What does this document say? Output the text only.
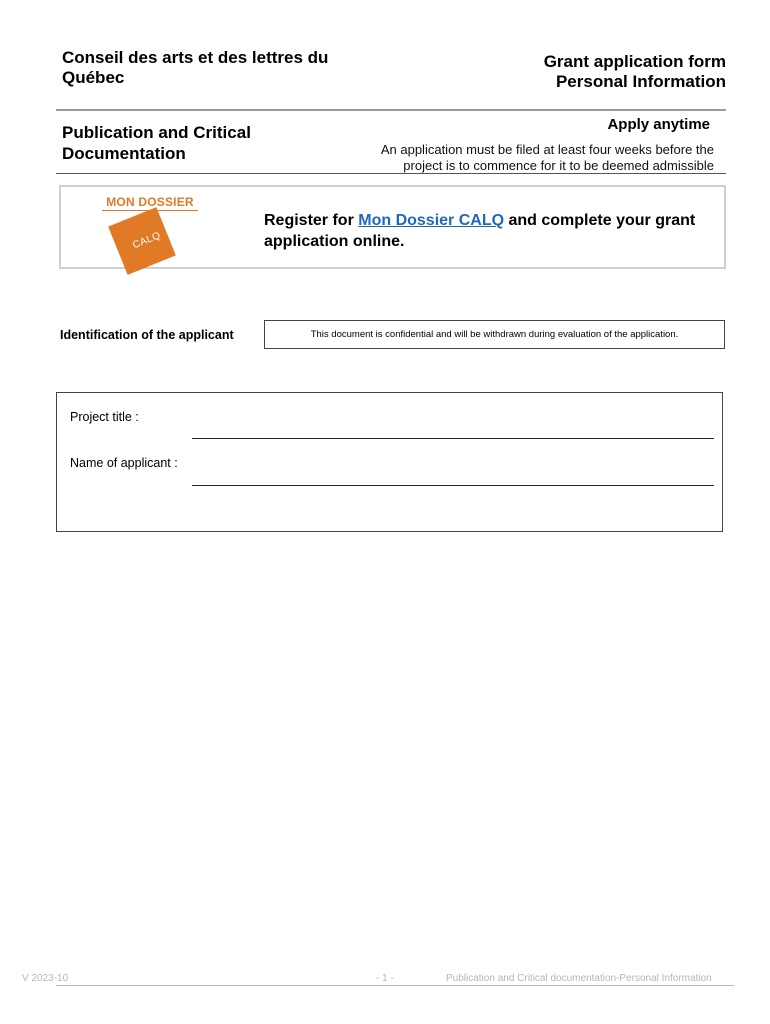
Conseil des arts et des lettres du Québec
Grant application form
Personal Information
Publication and Critical Documentation
Apply anytime
An application must be filed at least four weeks before the project is to commence for it to be deemed admissible
MON DOSSIER
CALQ
Register for Mon Dossier CALQ and complete your grant application online.
Identification of the applicant	This document is confidential and will be withdrawn during evaluation of the application.
Project title :
Name of applicant :
V 2023-10	- 1 -	Publication and Critical documentation-Personal Information
